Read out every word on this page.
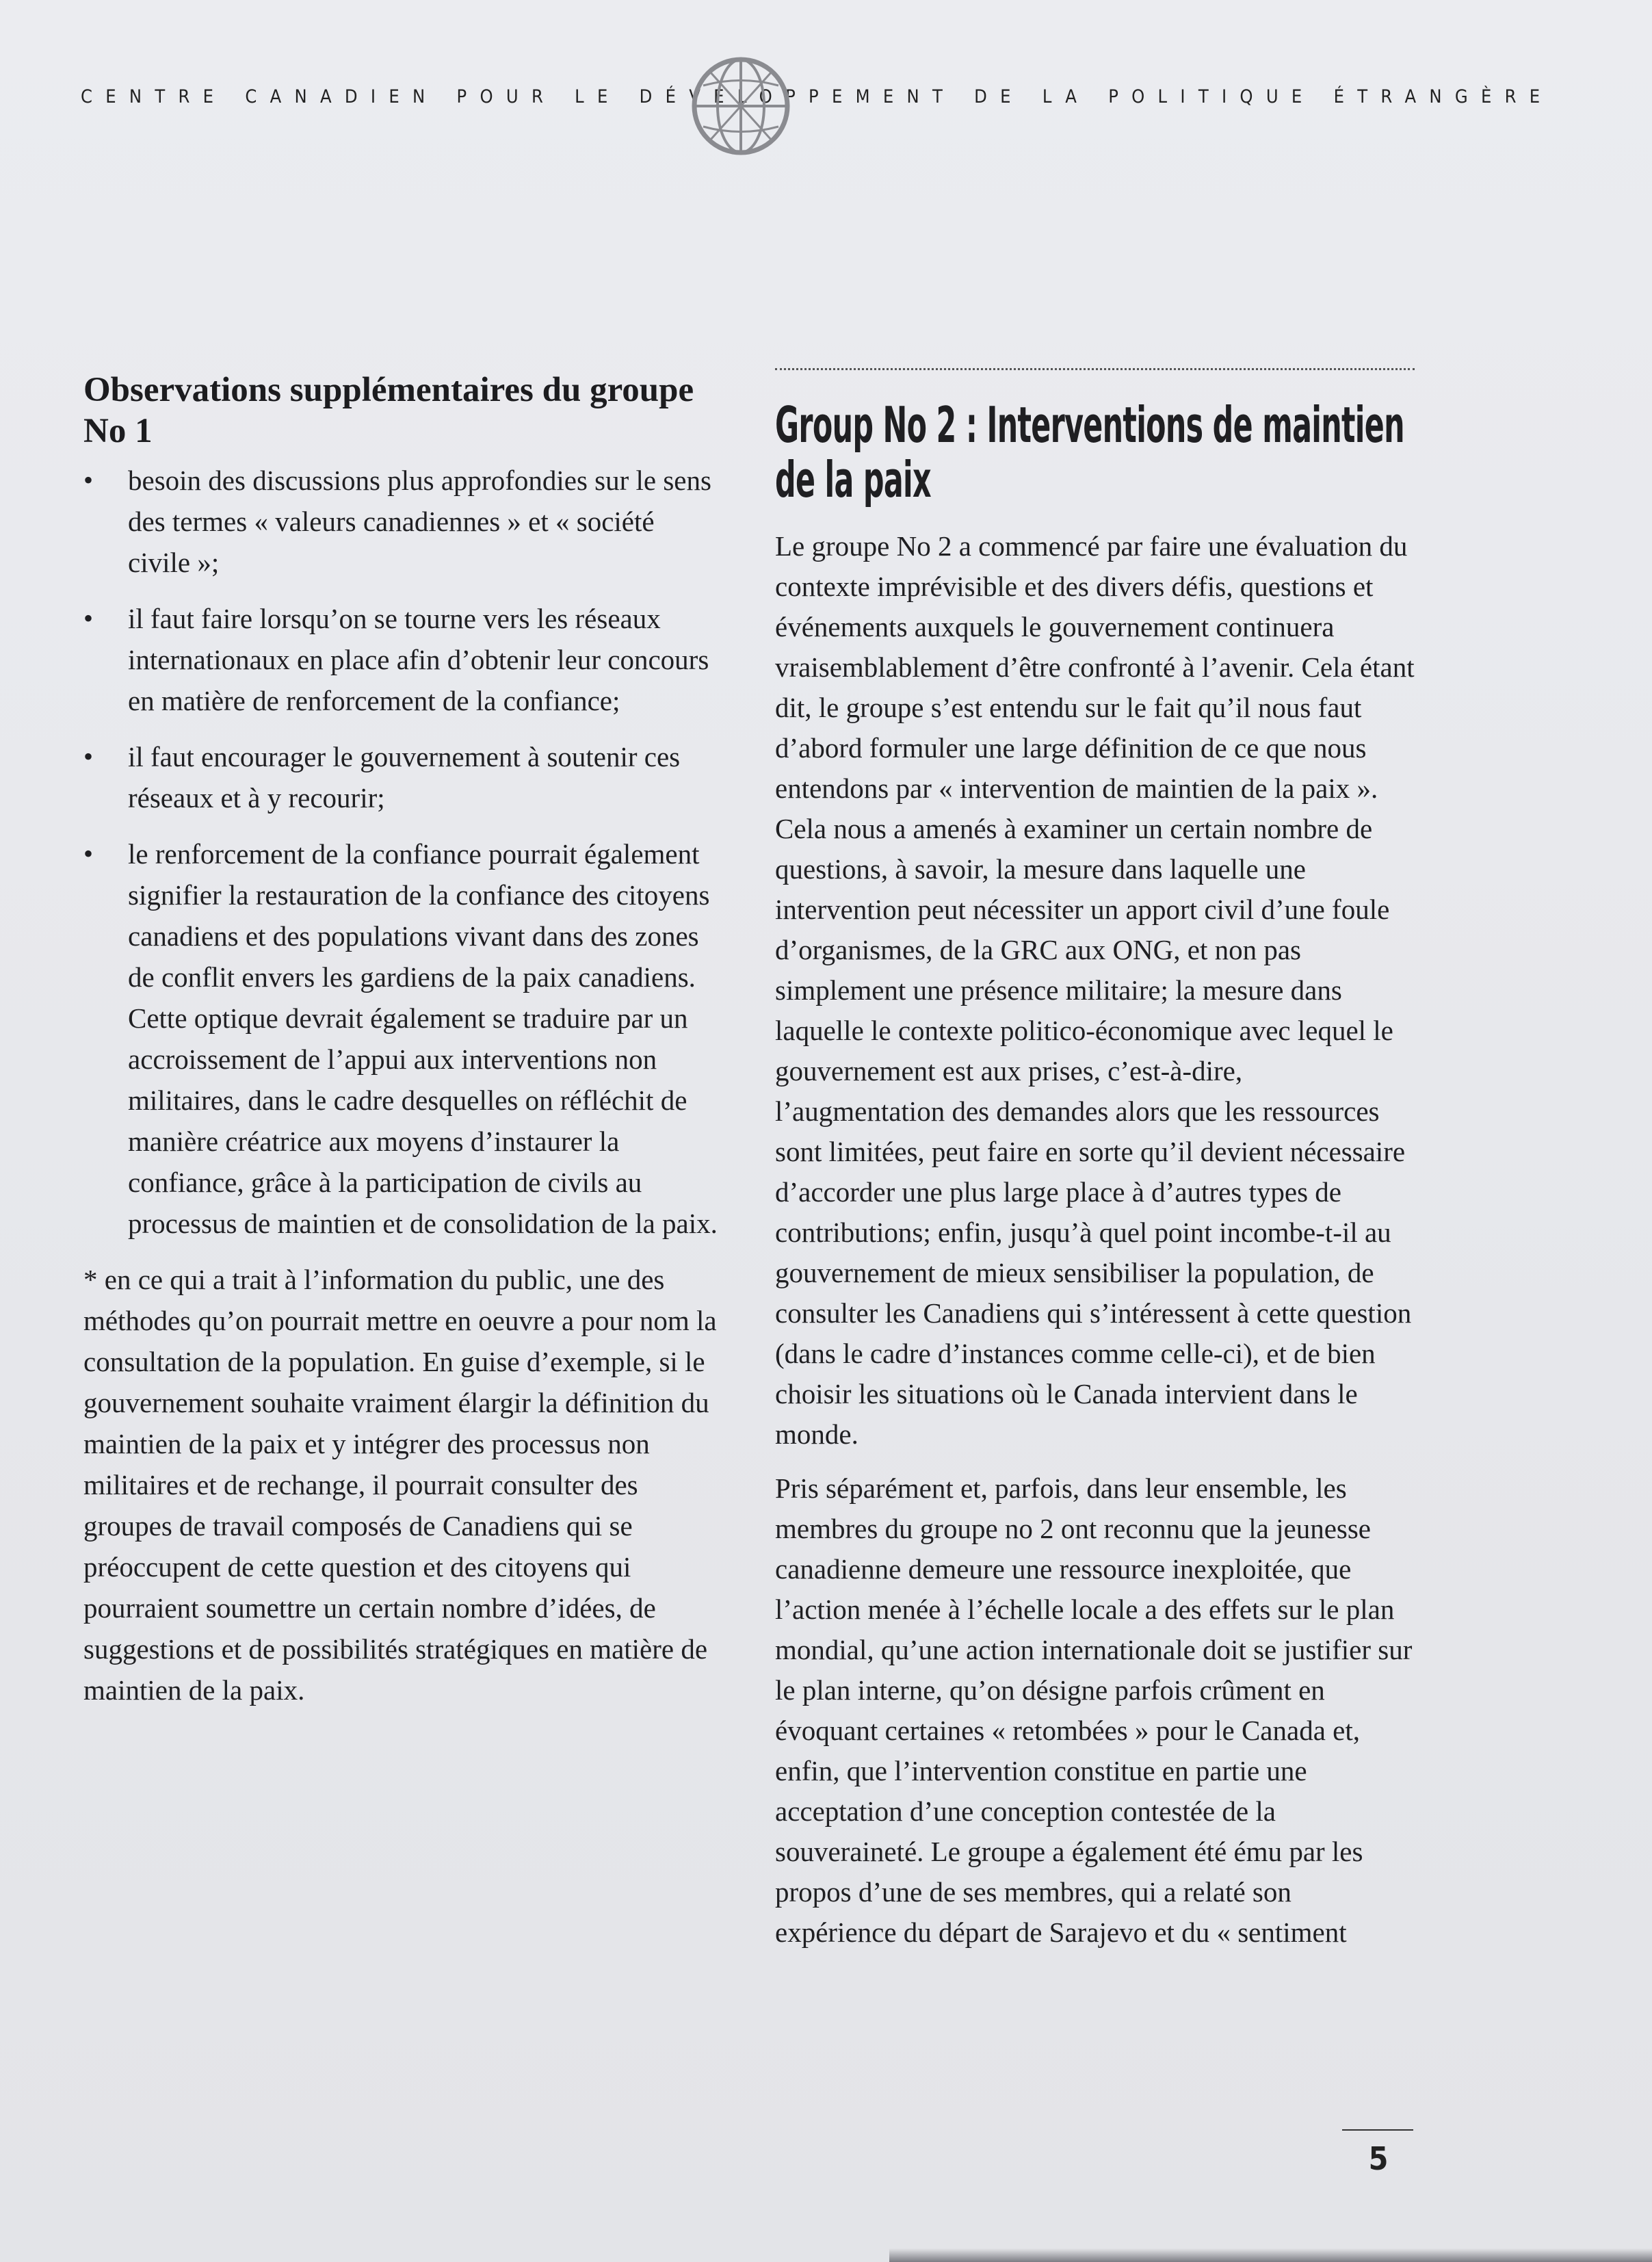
CENTRE CANADIEN POUR LE DÉVELOPPEMENT DE LA POLITIQUE ÉTRANGÈRE
Observations supplémentaires du groupe No 1
• besoin des discussions plus approfondies sur le sens des termes « valeurs canadiennes » et « société civile »;
• il faut faire lorsqu’on se tourne vers les réseaux internationaux en place afin d’obtenir leur concours en matière de renforcement de la confiance;
• il faut encourager le gouvernement à soutenir ces réseaux et à y recourir;
• le renforcement de la confiance pourrait également signifier la restauration de la confiance des citoyens canadiens et des populations vivant dans des zones de conflit envers les gardiens de la paix canadiens. Cette optique devrait également se traduire par un accroissement de l’appui aux interventions non militaires, dans le cadre desquelles on réfléchit de manière créatrice aux moyens d’instaurer la confiance, grâce à la participation de civils au processus de maintien et de consolidation de la paix.

* en ce qui a trait à l’information du public, une des méthodes qu’on pourrait mettre en oeuvre a pour nom la consultation de la population. En guise d’exemple, si le gouvernement souhaite vraiment élargir la définition du maintien de la paix et y intégrer des processus non militaires et de rechange, il pourrait consulter des groupes de travail composés de Canadiens qui se préoccupent de cette question et des citoyens qui pourraient soumettre un certain nombre d’idées, de suggestions et de possibilités stratégiques en matière de maintien de la paix.

Group No 2 : Interventions de maintien de la paix

Le groupe No 2 a commencé par faire une évaluation du contexte imprévisible et des divers défis, questions et événements auxquels le gouvernement continuera vraisemblablement d’être confronté à l’avenir. Cela étant dit, le groupe s’est entendu sur le fait qu’il nous faut d’abord formuler une large définition de ce que nous entendons par « intervention de maintien de la paix ». Cela nous a amenés à examiner un certain nombre de questions, à savoir, la mesure dans laquelle une intervention peut nécessiter un apport civil d’une foule d’organismes, de la GRC aux ONG, et non pas simplement une présence militaire; la mesure dans laquelle le contexte politico-économique avec lequel le gouvernement est aux prises, c’est-à-dire, l’augmentation des demandes alors que les ressources sont limitées, peut faire en sorte qu’il devient nécessaire d’accorder une plus large place à d’autres types de contributions; enfin, jusqu’à quel point incombe-t-il au gouvernement de mieux sensibiliser la population, de consulter les Canadiens qui s’intéressent à cette question (dans le cadre d’instances comme celle-ci), et de bien choisir les situations où le Canada intervient dans le monde.

Pris séparément et, parfois, dans leur ensemble, les membres du groupe no 2 ont reconnu que la jeunesse canadienne demeure une ressource inexploitée, que l’action menée à l’échelle locale a des effets sur le plan mondial, qu’une action internationale doit se justifier sur le plan interne, qu’on désigne parfois crûment en évoquant certaines « retombées » pour le Canada et, enfin, que l’intervention constitue en partie une acceptation d’une conception contestée de la souveraineté. Le groupe a également été ému par les propos d’une de ses membres, qui a relaté son expérience du départ de Sarajevo et du « sentiment

5
